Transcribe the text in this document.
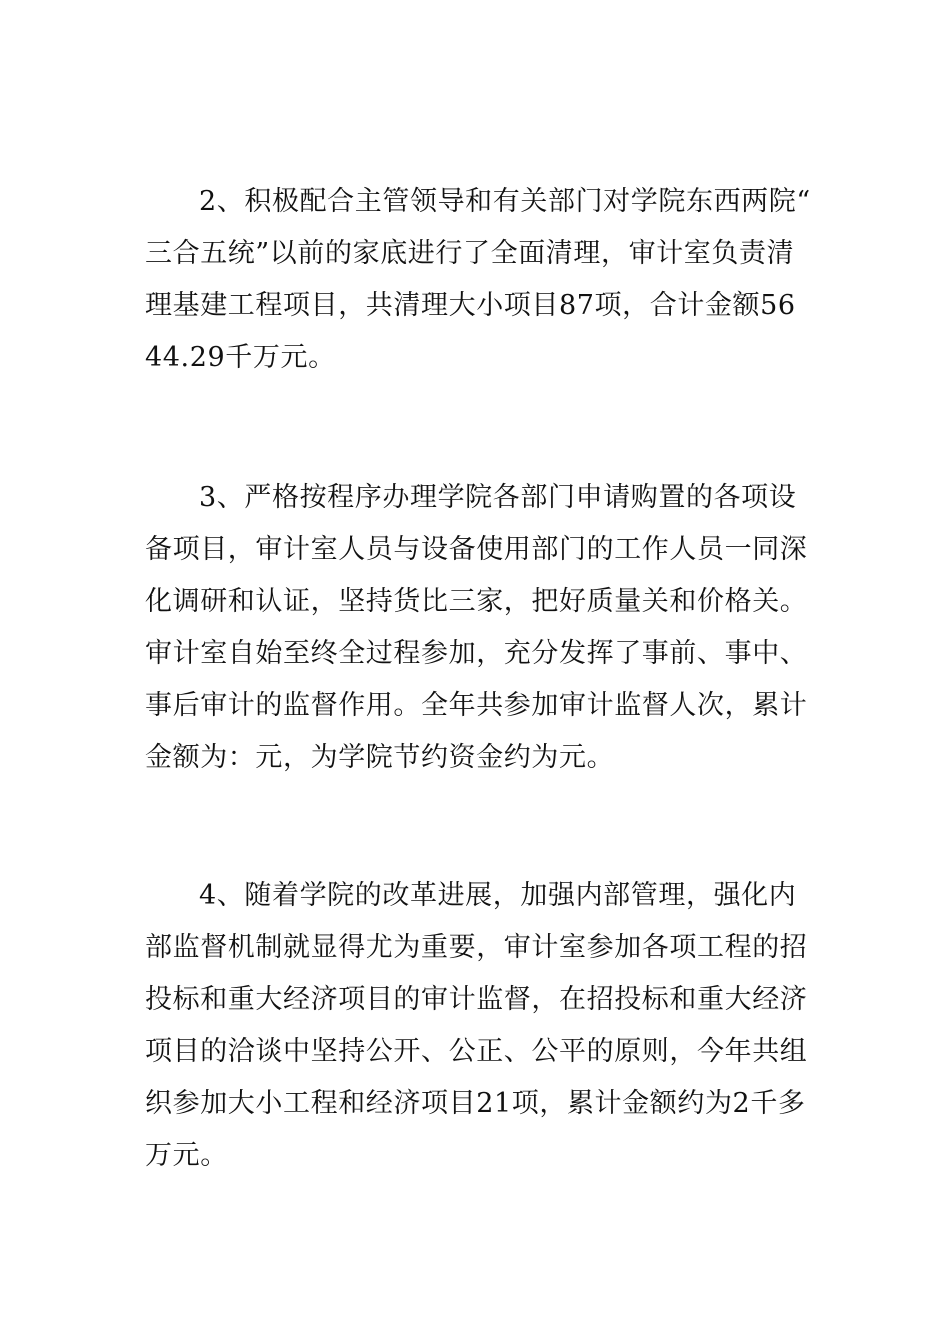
2、积极配合主管领导和有关部门对学院东西两院“三合五统”以前的家底进行了全面清理，审计室负责清理基建工程项目，共清理大小项目87项，合计金额5644.29千万元。

3、严格按程序办理学院各部门申请购置的各项设备项目，审计室人员与设备使用部门的工作人员一同深化调研和认证，坚持货比三家，把好质量关和价格关。审计室自始至终全过程参加，充分发挥了事前、事中、事后审计的监督作用。全年共参加审计监督人次，累计金额为：元，为学院节约资金约为元。

4、随着学院的改革进展，加强内部管理，强化内部监督机制就显得尤为重要，审计室参加各项工程的招投标和重大经济项目的审计监督，在招投标和重大经济项目的洽谈中坚持公开、公正、公平的原则，今年共组织参加大小工程和经济项目21项，累计金额约为2千多万元。
